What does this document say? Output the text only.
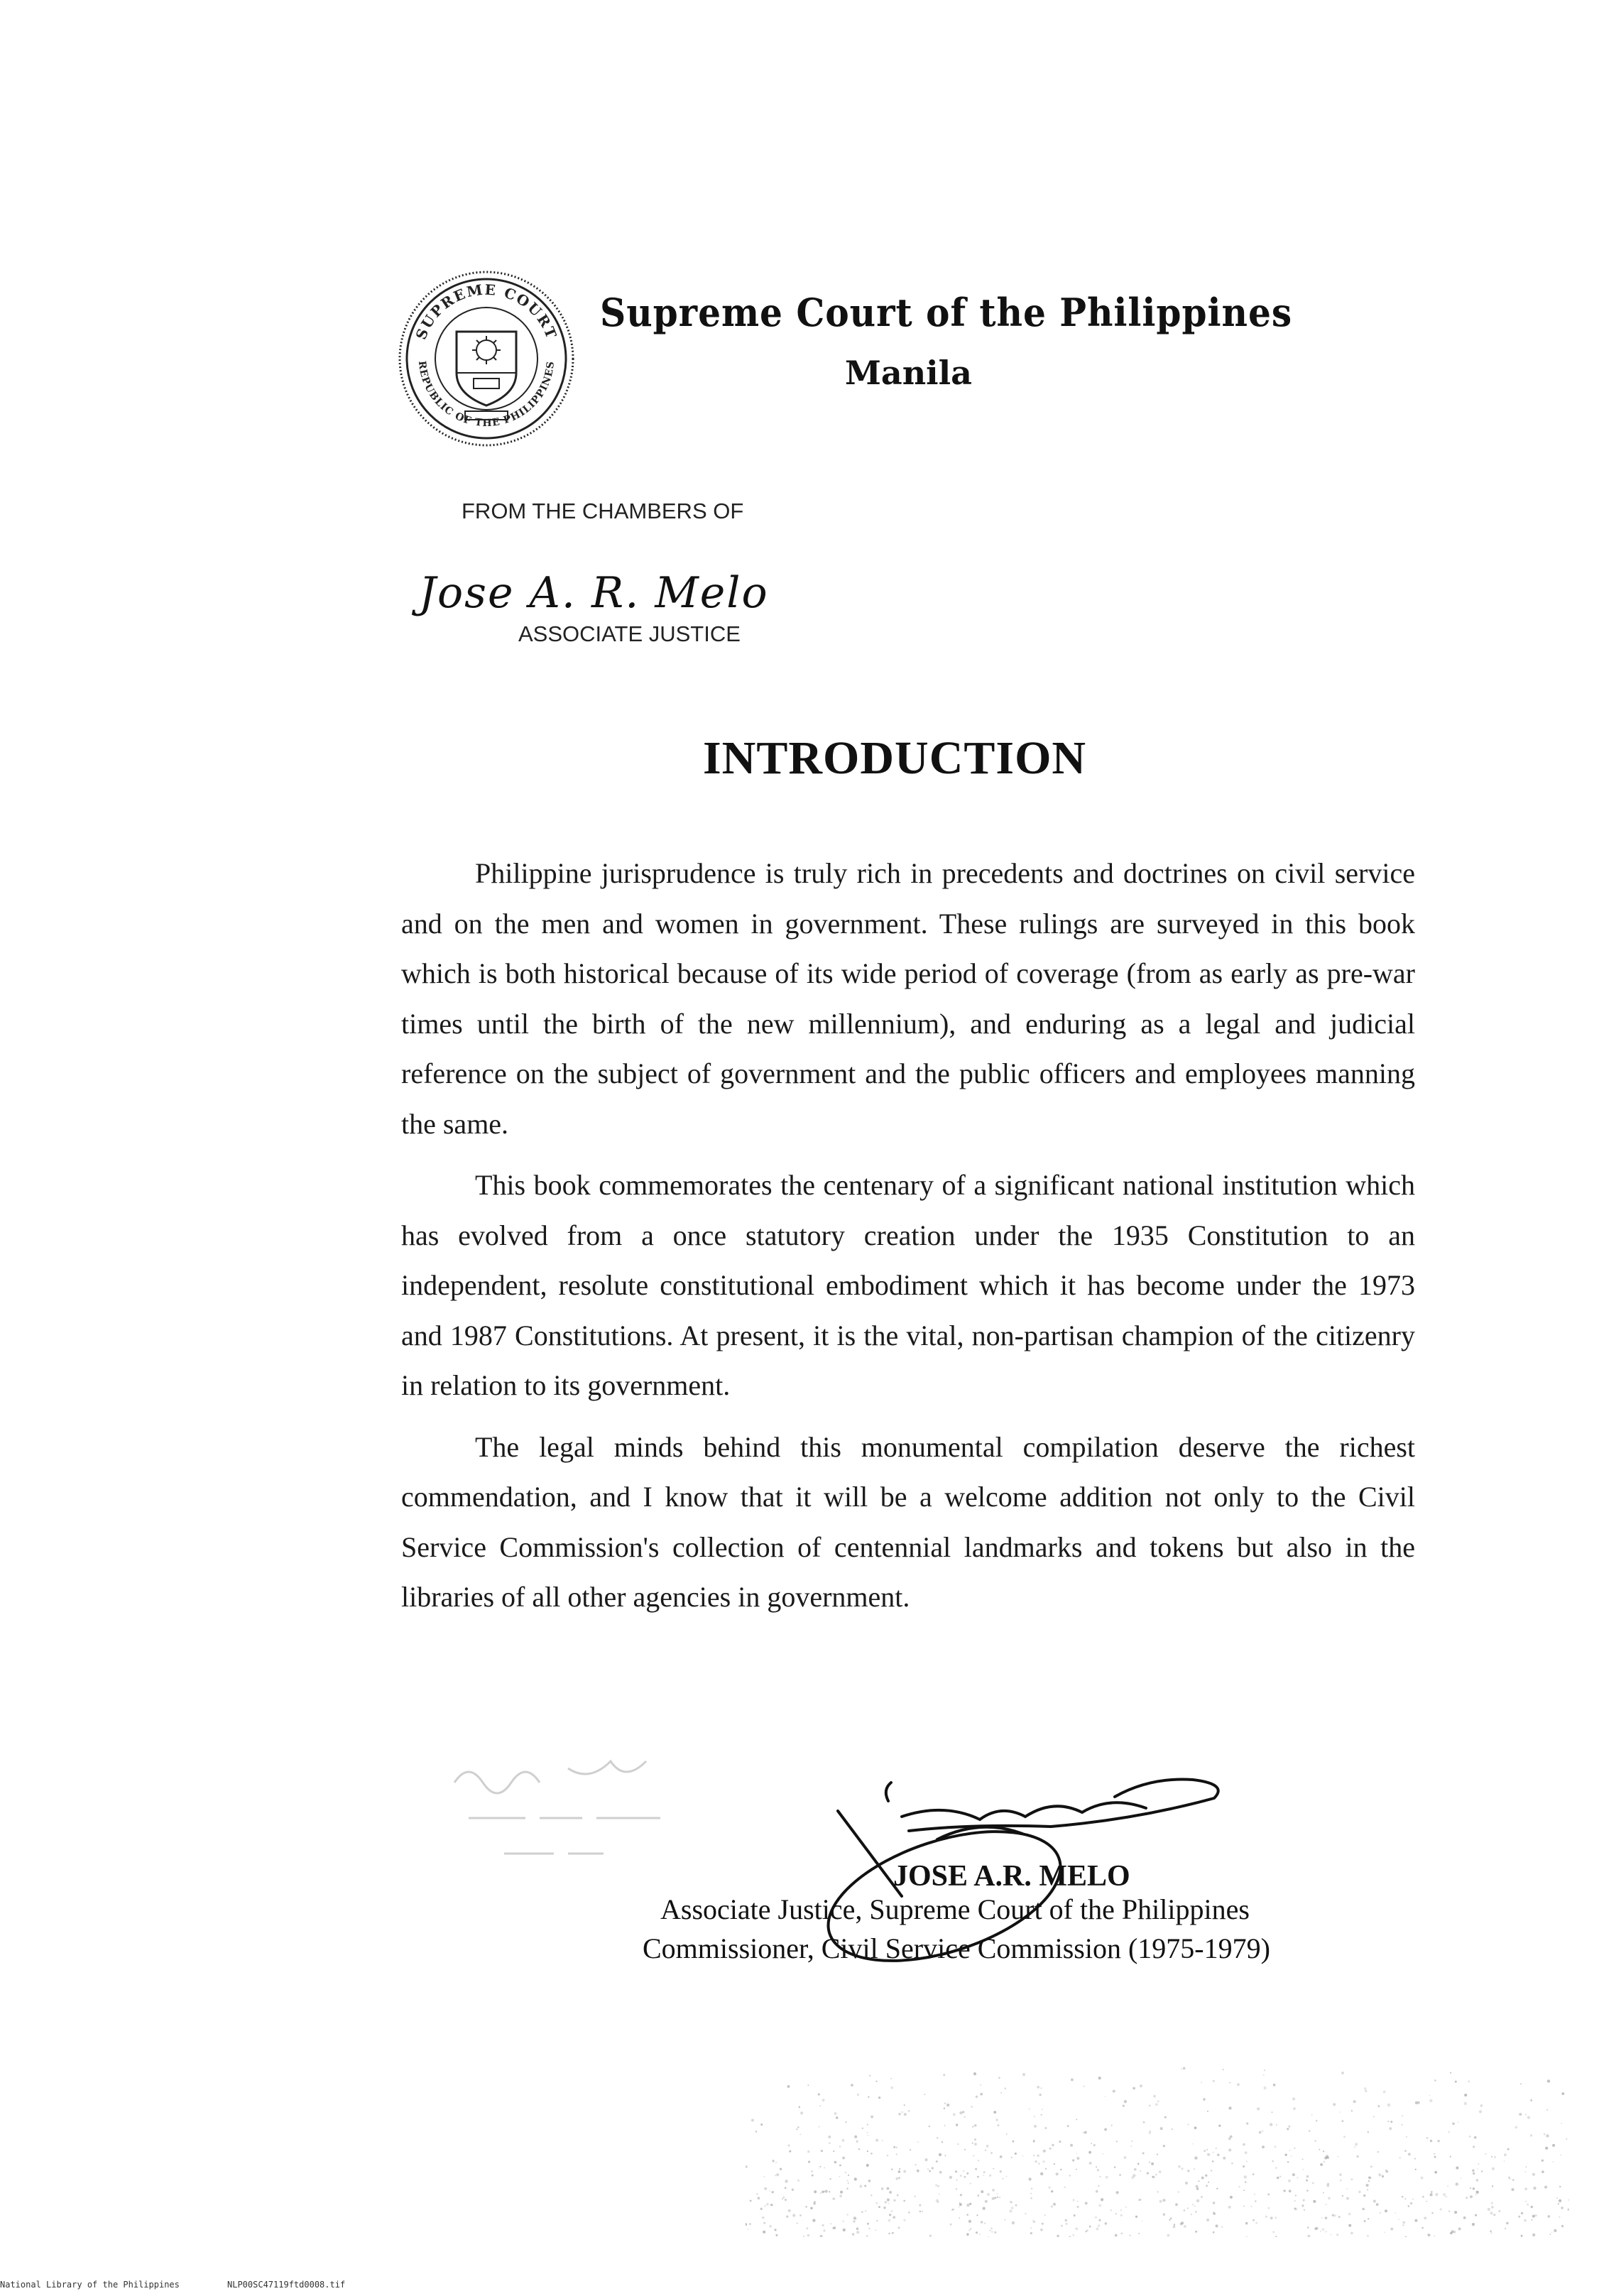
SUPREME COURT
REPUBLIC OF THE PHILIPPINES
Supreme Court of the Philippines
Manila
FROM THE CHAMBERS OF
Jose A. R. Melo
ASSOCIATE JUSTICE
INTRODUCTION

Philippine jurisprudence is truly rich in precedents and doctrines on civil service and on the men and women in government. These rulings are surveyed in this book which is both historical because of its wide period of coverage (from as early as pre-war times until the birth of the new millennium), and enduring as a legal and judicial reference on the subject of government and the public officers and employees manning the same.

This book commemorates the centenary of a significant national institution which has evolved from a once statutory creation under the 1935 Constitution to an independent, resolute constitutional embodiment which it has become under the 1973 and 1987 Constitutions. At present, it is the vital, non-partisan champion of the citizenry in relation to its government.

The legal minds behind this monumental compilation deserve the richest commendation, and I know that it will be a welcome addition not only to the Civil Service Commission's collection of centennial landmarks and tokens but also in the libraries of all other agencies in government.

JOSE A.R. MELO
Associate Justice, Supreme Court of the Philippines
Commissioner, Civil Service Commission (1975-1979)
National Library of the Philippines	NLP00SC47119ftd0008.tif
